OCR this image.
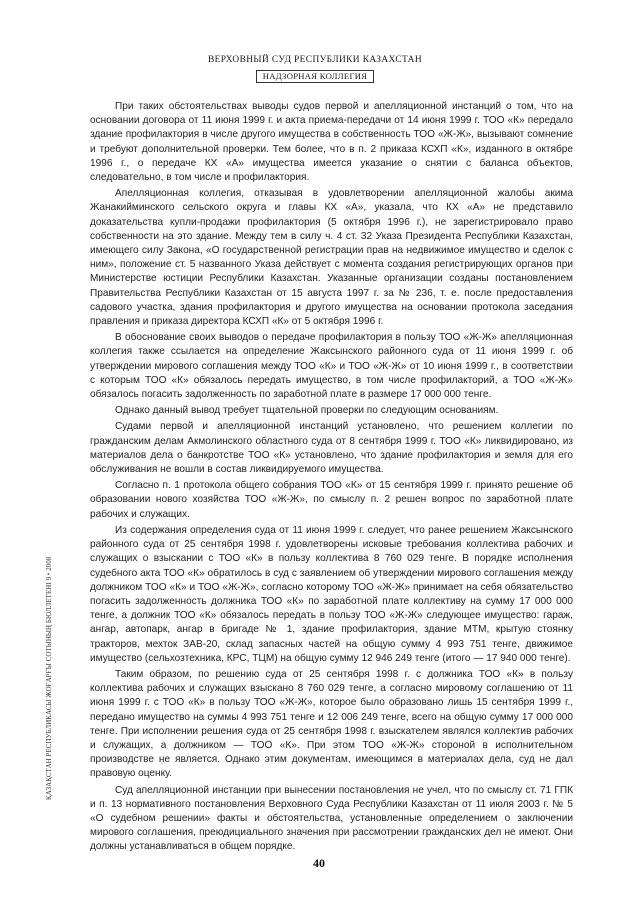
ВЕРХОВНЫЙ СУД РЕСПУБЛИКИ КАЗАХСТАН
НАДЗОРНАЯ КОЛЛЕГИЯ
ҚАЗАҚСТАН РЕСПУБЛИКАСЫ ЖОҒАРҒЫ СОТЫНЫҢ БЮЛЛЕТЕНІ 9 • 2008

При таких обстоятельствах выводы судов первой и апелляционной инстанций о том, что на основании договора от 11 июня 1999 г. и акта приема-передачи от 14 июня 1999 г. ТОО «К» передало здание профилактория в числе другого имущества в собственность ТОО «Ж-Ж», вызывают сомнение и требуют дополнительной проверки. Тем более, что в п. 2 приказа КСХП «К», изданного в октябре 1996 г., о передаче КХ «А» имущества имеется указание о снятии с баланса объектов, следовательно, в том числе и профилактория.

Апелляционная коллегия, отказывая в удовлетворении апелляционной жалобы акима Жанакийминского сельского округа и главы КХ «А», указала, что КХ «А» не представило доказательства купли-продажи профилактория (5 октября 1996 г.), не зарегистрировало право собственности на это здание. Между тем в силу ч. 4 ст. 32 Указа Президента Республики Казахстан, имеющего силу Закона, «О государственной регистрации прав на недвижимое имущество и сделок с ним», положение ст. 5 названного Указа действует с момента создания регистрирующих органов при Министерстве юстиции Республики Казахстан. Указанные организации созданы постановлением Правительства Республики Казахстан от 15 августа 1997 г. за № 236, т. е. после предоставления садового участка, здания профилактория и другого имущества на основании протокола заседания правления и приказа директора КСХП «К» от 5 октября 1996 г.

В обоснование своих выводов о передаче профилактория в пользу ТОО «Ж-Ж» апелляционная коллегия также ссылается на определение Жаксынского районного суда от 11 июня 1999 г. об утверждении мирового соглашения между ТОО «К» и ТОО «Ж-Ж» от 10 июня 1999 г., в соответствии с которым ТОО «К» обязалось передать имущество, в том числе профилакторий, а ТОО «Ж-Ж» обязалось погасить задолженность по заработной плате в размере 17 000 000 тенге.

Однако данный вывод требует тщательной проверки по следующим основаниям.

Судами первой и апелляционной инстанций установлено, что решением коллегии по гражданским делам Акмолинского областного суда от 8 сентября 1999 г. ТОО «К» ликвидировано, из материалов дела о банкротстве ТОО «К» установлено, что здание профилактория и земля для его обслуживания не вошли в состав ликвидируемого имущества.

Согласно п. 1 протокола общего собрания ТОО «К» от 15 сентября 1999 г. принято решение об образовании нового хозяйства ТОО «Ж-Ж», по смыслу п. 2 решен вопрос по заработной плате рабочих и служащих.

Из содержания определения суда от 11 июня 1999 г. следует, что ранее решением Жаксынского районного суда от 25 сентября 1998 г. удовлетворены исковые требования коллектива рабочих и служащих о взыскании с ТОО «К» в пользу коллектива 8 760 029 тенге. В порядке исполнения судебного акта ТОО «К» обратилось в суд с заявлением об утверждении мирового соглашения между должником ТОО «К» и ТОО «Ж-Ж», согласно которому ТОО «Ж-Ж» принимает на себя обязательство погасить задолженность должника ТОО «К» по заработной плате коллективу на сумму 17 000 000 тенге, а должник ТОО «К» обязалось передать в пользу ТОО «Ж-Ж» следующее имущество: гараж, ангар, автопарк, ангар в бригаде № 1, здание профилактория, здание МТМ, крытую стоянку тракторов, мехток ЗАВ-20, склад запасных частей на общую сумму 4 993 751 тенге, движимое имущество (сельхозтехника, КРС, ТЦМ) на общую сумму 12 946 249 тенге (итого — 17 940 000 тенге).

Таким образом, по решению суда от 25 сентября 1998 г. с должника ТОО «К» в пользу коллектива рабочих и служащих взыскано 8 760 029 тенге, а согласно мировому соглашению от 11 июня 1999 г. с ТОО «К» в пользу ТОО «Ж-Ж», которое было образовано лишь 15 сентября 1999 г., передано имущество на суммы 4 993 751 тенге и 12 006 249 тенге, всего на общую сумму 17 000 000 тенге. При исполнении решения суда от 25 сентября 1998 г. взыскателем являлся коллектив рабочих и служащих, а должником — ТОО «К». При этом ТОО «Ж-Ж» стороной в исполнительном производстве не является. Однако этим документам, имеющимся в материалах дела, суд не дал правовую оценку.

Суд апелляционной инстанции при вынесении постановления не учел, что по смыслу ст. 71 ГПК и п. 13 нормативного постановления Верховного Суда Республики Казахстан от 11 июля 2003 г. № 5 «О судебном решении» факты и обстоятельства, установленные определением о заключении мирового соглашения, преюдициального значения при рассмотрении гражданских дел не имеют. Они должны устанавливаться в общем порядке.

40
